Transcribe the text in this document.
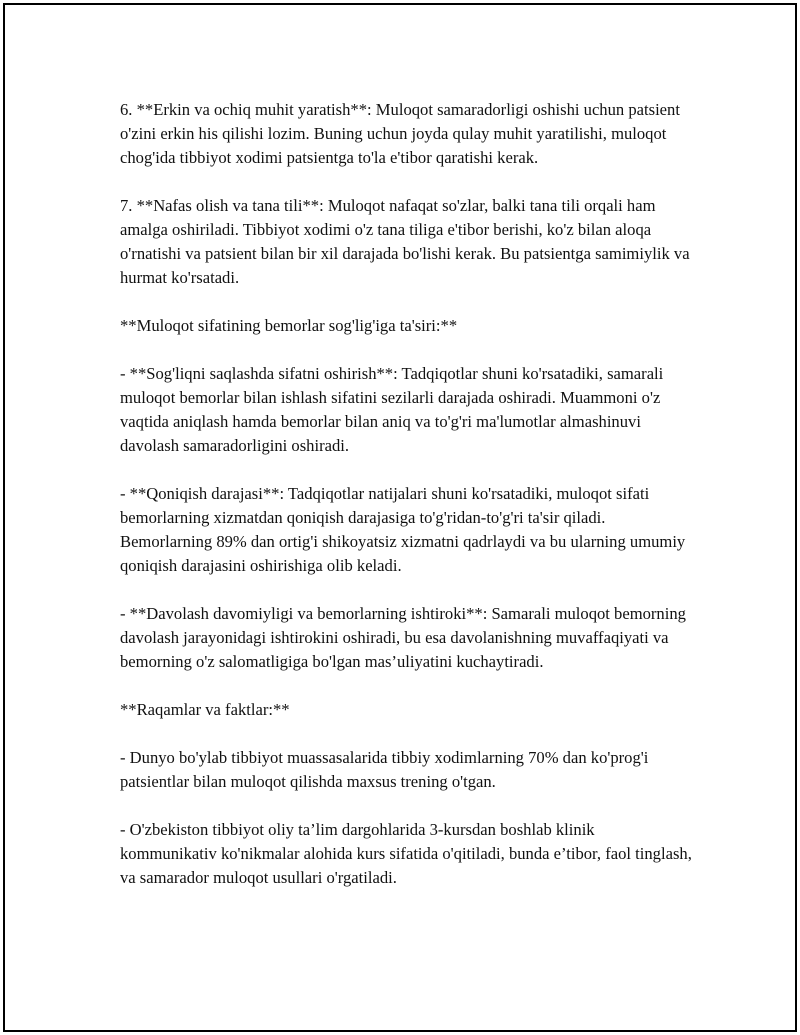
6. **Erkin va ochiq muhit yaratish**: Muloqot samaradorligi oshishi uchun patsient o'zini erkin his qilishi lozim. Buning uchun joyda qulay muhit yaratilishi, muloqot chog'ida tibbiyot xodimi patsientga to'la e'tibor qaratishi kerak.

7. **Nafas olish va tana tili**: Muloqot nafaqat so'zlar, balki tana tili orqali ham amalga oshiriladi. Tibbiyot xodimi o'z tana tiliga e'tibor berishi, ko'z bilan aloqa o'rnatishi va patsient bilan bir xil darajada bo'lishi kerak. Bu patsientga samimiylik va hurmat ko'rsatadi.

**Muloqot sifatining bemorlar sog'lig'iga ta'siri:**

- **Sog'liqni saqlashda sifatni oshirish**: Tadqiqotlar shuni ko'rsatadiki, samarali muloqot bemorlar bilan ishlash sifatini sezilarli darajada oshiradi. Muammoni o'z vaqtida aniqlash hamda bemorlar bilan aniq va to'g'ri ma'lumotlar almashinuvi davolash samaradorligini oshiradi.

- **Qoniqish darajasi**: Tadqiqotlar natijalari shuni ko'rsatadiki, muloqot sifati bemorlarning xizmatdan qoniqish darajasiga to'g'ridan-to'g'ri ta'sir qiladi. Bemorlarning 89% dan ortig'i shikoyatsiz xizmatni qadrlaydi va bu ularning umumiy qoniqish darajasini oshirishiga olib keladi.

- **Davolash davomiyligi va bemorlarning ishtiroki**: Samarali muloqot bemorning davolash jarayonidagi ishtirokini oshiradi, bu esa davolanishning muvaffaqiyati va bemorning o'z salomatligiga bo'lgan mas’uliyatini kuchaytiradi.

**Raqamlar va faktlar:**

- Dunyo bo'ylab tibbiyot muassasalarida tibbiy xodimlarning 70% dan ko'prog'i patsientlar bilan muloqot qilishda maxsus trening o'tgan.

- O'zbekiston tibbiyot oliy ta’lim dargohlarida 3-kursdan boshlab klinik kommunikativ ko'nikmalar alohida kurs sifatida o'qitiladi, bunda e’tibor, faol tinglash, va samarador muloqot usullari o'rgatiladi.
